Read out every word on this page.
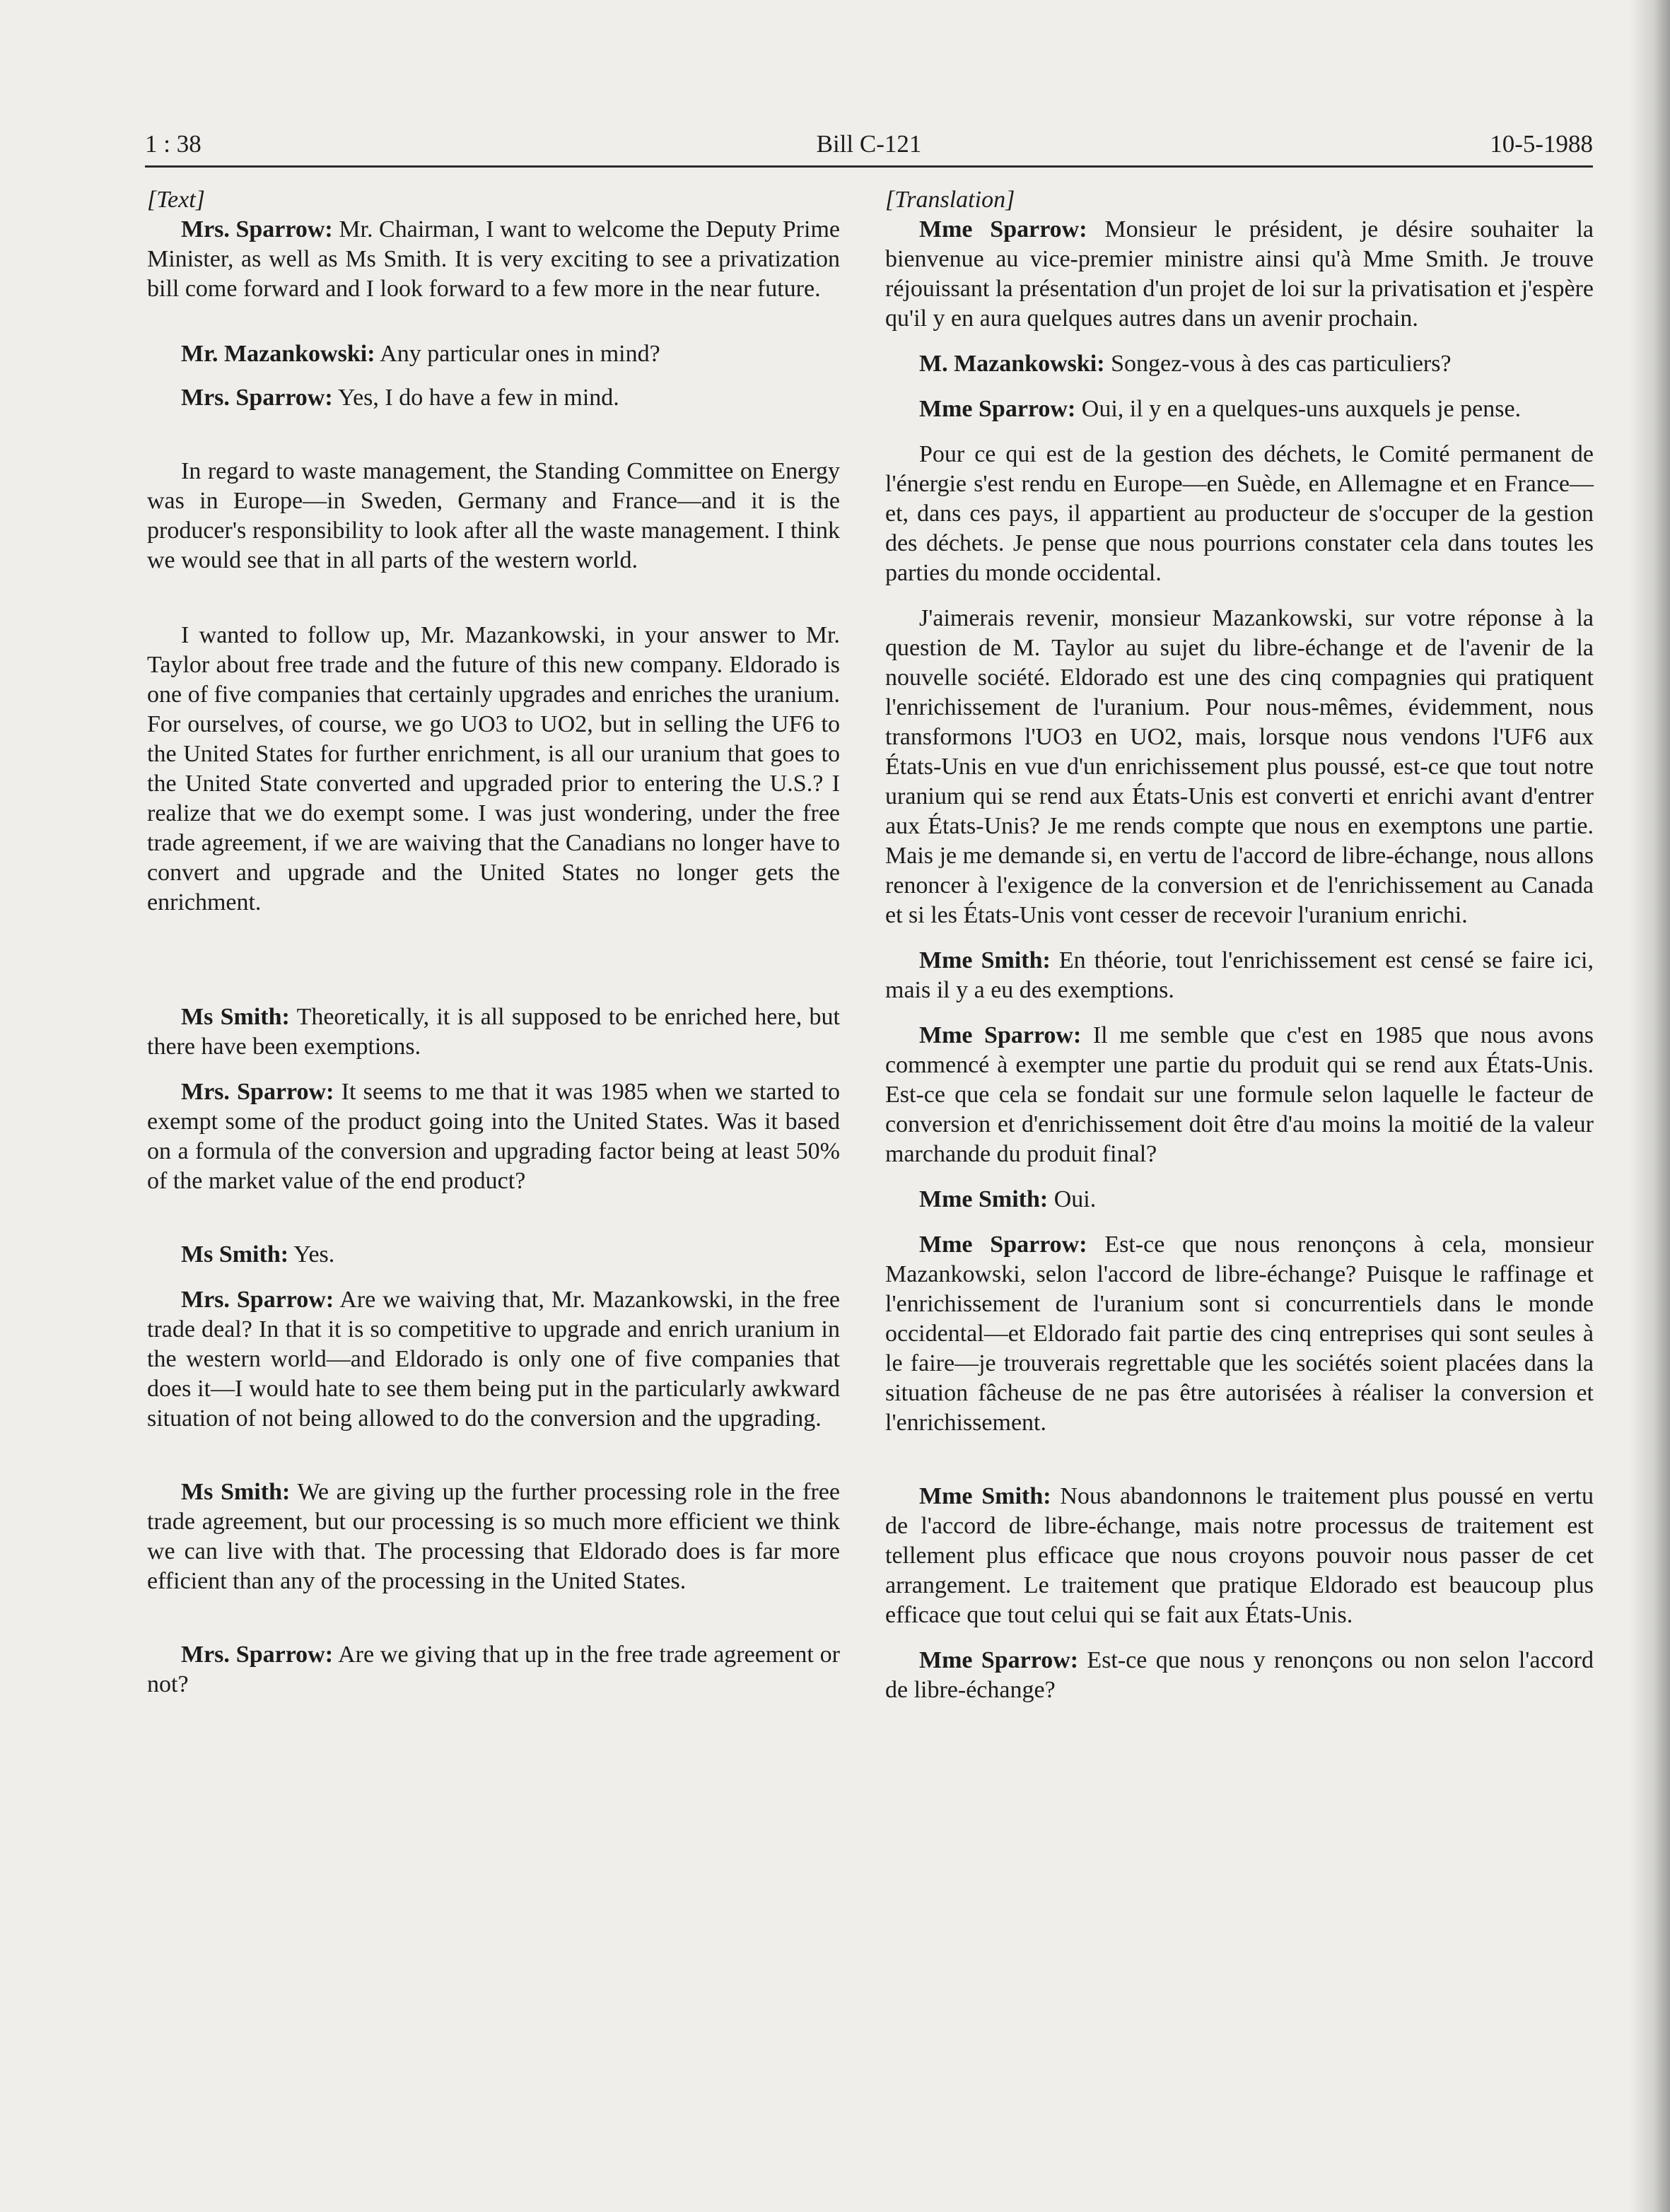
1 : 38	Bill C-121	10-5-1988

[Text]

Mrs. Sparrow: Mr. Chairman, I want to welcome the Deputy Prime Minister, as well as Ms Smith. It is very exciting to see a privatization bill come forward and I look forward to a few more in the near future.

Mr. Mazankowski: Any particular ones in mind?

Mrs. Sparrow: Yes, I do have a few in mind.

In regard to waste management, the Standing Committee on Energy was in Europe—in Sweden, Germany and France—and it is the producer's responsibility to look after all the waste management. I think we would see that in all parts of the western world.

I wanted to follow up, Mr. Mazankowski, in your answer to Mr. Taylor about free trade and the future of this new company. Eldorado is one of five companies that certainly upgrades and enriches the uranium. For ourselves, of course, we go UO3 to UO2, but in selling the UF6 to the United States for further enrichment, is all our uranium that goes to the United State converted and upgraded prior to entering the U.S.? I realize that we do exempt some. I was just wondering, under the free trade agreement, if we are waiving that the Canadians no longer have to convert and upgrade and the United States no longer gets the enrichment.

Ms Smith: Theoretically, it is all supposed to be enriched here, but there have been exemptions.

Mrs. Sparrow: It seems to me that it was 1985 when we started to exempt some of the product going into the United States. Was it based on a formula of the conversion and upgrading factor being at least 50% of the market value of the end product?

Ms Smith: Yes.

Mrs. Sparrow: Are we waiving that, Mr. Mazankowski, in the free trade deal? In that it is so competitive to upgrade and enrich uranium in the western world—and Eldorado is only one of five companies that does it—I would hate to see them being put in the particularly awkward situation of not being allowed to do the conversion and the upgrading.

Ms Smith: We are giving up the further processing role in the free trade agreement, but our processing is so much more efficient we think we can live with that. The processing that Eldorado does is far more efficient than any of the processing in the United States.

Mrs. Sparrow: Are we giving that up in the free trade agreement or not?

[Translation]

Mme Sparrow: Monsieur le président, je désire souhaiter la bienvenue au vice-premier ministre ainsi qu'à Mme Smith. Je trouve réjouissant la présentation d'un projet de loi sur la privatisation et j'espère qu'il y en aura quelques autres dans un avenir prochain.

M. Mazankowski: Songez-vous à des cas particuliers?

Mme Sparrow: Oui, il y en a quelques-uns auxquels je pense.

Pour ce qui est de la gestion des déchets, le Comité permanent de l'énergie s'est rendu en Europe—en Suède, en Allemagne et en France—et, dans ces pays, il appartient au producteur de s'occuper de la gestion des déchets. Je pense que nous pourrions constater cela dans toutes les parties du monde occidental.

J'aimerais revenir, monsieur Mazankowski, sur votre réponse à la question de M. Taylor au sujet du libre-échange et de l'avenir de la nouvelle société. Eldorado est une des cinq compagnies qui pratiquent l'enrichissement de l'uranium. Pour nous-mêmes, évidemment, nous transformons l'UO3 en UO2, mais, lorsque nous vendons l'UF6 aux États-Unis en vue d'un enrichissement plus poussé, est-ce que tout notre uranium qui se rend aux États-Unis est converti et enrichi avant d'entrer aux États-Unis? Je me rends compte que nous en exemptons une partie. Mais je me demande si, en vertu de l'accord de libre-échange, nous allons renoncer à l'exigence de la conversion et de l'enrichissement au Canada et si les États-Unis vont cesser de recevoir l'uranium enrichi.

Mme Smith: En théorie, tout l'enrichissement est censé se faire ici, mais il y a eu des exemptions.

Mme Sparrow: Il me semble que c'est en 1985 que nous avons commencé à exempter une partie du produit qui se rend aux États-Unis. Est-ce que cela se fondait sur une formule selon laquelle le facteur de conversion et d'enrichissement doit être d'au moins la moitié de la valeur marchande du produit final?

Mme Smith: Oui.

Mme Sparrow: Est-ce que nous renonçons à cela, monsieur Mazankowski, selon l'accord de libre-échange? Puisque le raffinage et l'enrichissement de l'uranium sont si concurrentiels dans le monde occidental—et Eldorado fait partie des cinq entreprises qui sont seules à le faire—je trouverais regrettable que les sociétés soient placées dans la situation fâcheuse de ne pas être autorisées à réaliser la conversion et l'enrichissement.

Mme Smith: Nous abandonnons le traitement plus poussé en vertu de l'accord de libre-échange, mais notre processus de traitement est tellement plus efficace que nous croyons pouvoir nous passer de cet arrangement. Le traitement que pratique Eldorado est beaucoup plus efficace que tout celui qui se fait aux États-Unis.

Mme Sparrow: Est-ce que nous y renonçons ou non selon l'accord de libre-échange?
